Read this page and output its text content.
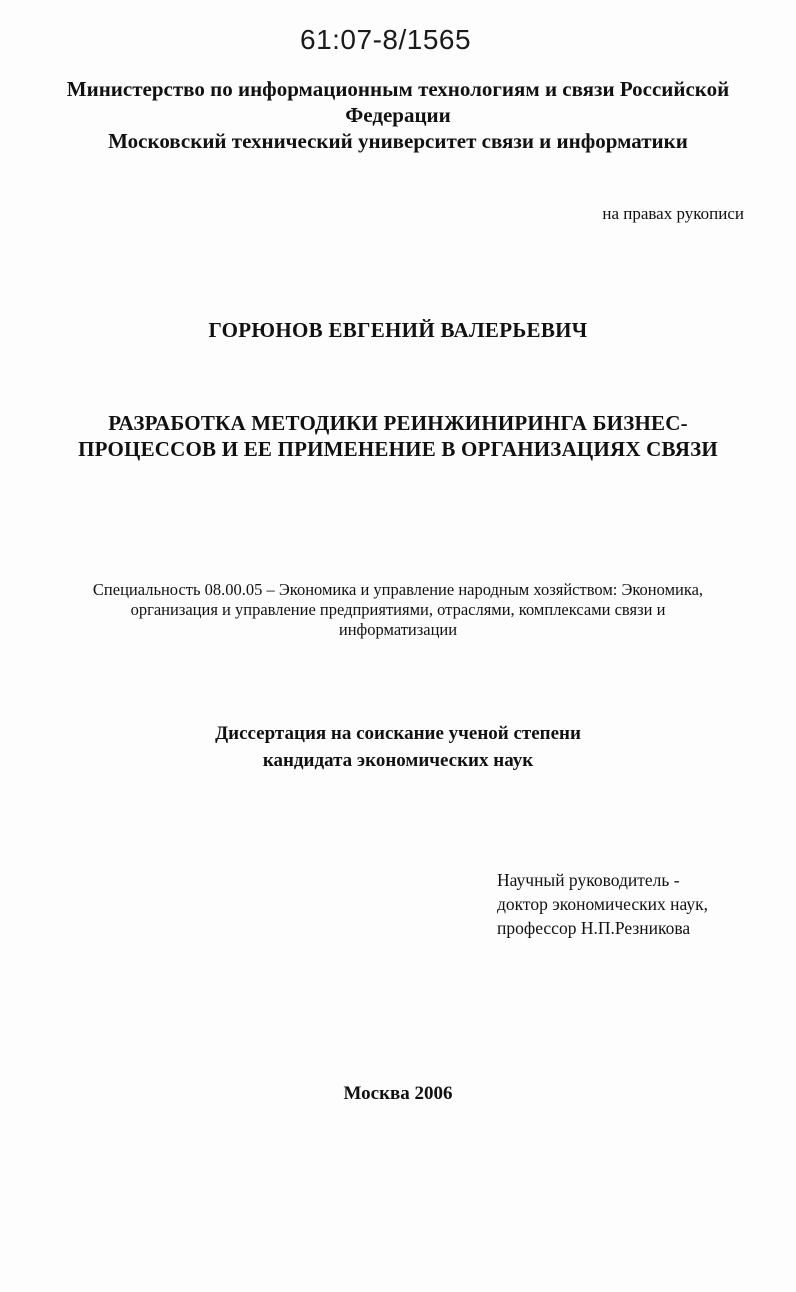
61:07-8/1565
Министерство по информационным технологиям и связи Российской
Федерации
Московский технический университет связи и информатики
на правах рукописи
ГОРЮНОВ ЕВГЕНИЙ ВАЛЕРЬЕВИЧ
РАЗРАБОТКА МЕТОДИКИ РЕИНЖИНИРИНГА БИЗНЕС-
ПРОЦЕССОВ И ЕЕ ПРИМЕНЕНИЕ В ОРГАНИЗАЦИЯХ СВЯЗИ
Специальность 08.00.05 – Экономика и управление народным хозяйством: Экономика,
организация и управление предприятиями, отраслями, комплексами связи и
информатизации
Диссертация на соискание ученой степени
кандидата экономических наук
Научный руководитель -
доктор экономических наук,
профессор Н.П.Резникова
Москва 2006
